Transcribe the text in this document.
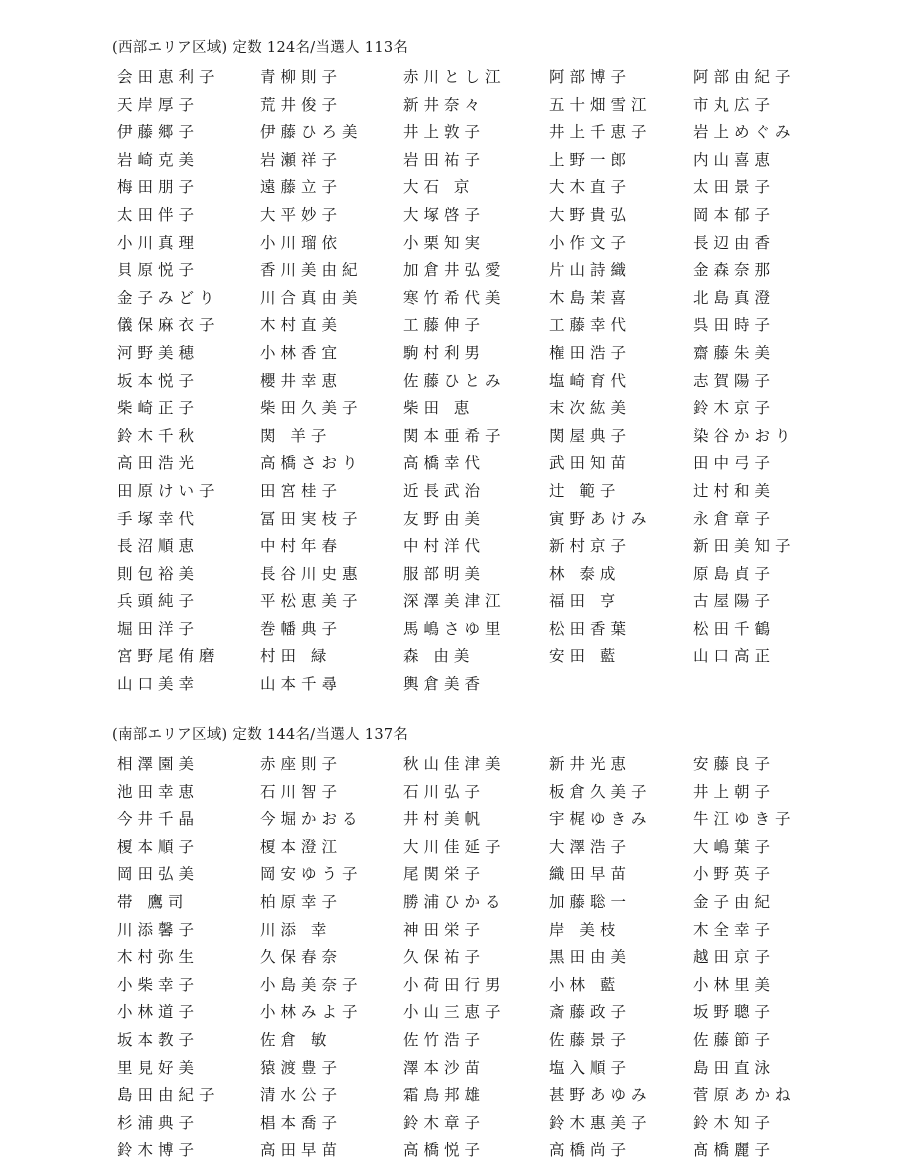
(西部エリア区域) 定数 124名/当選人 113名
会田恵利子	青柳則子	赤川とし江	阿部博子	阿部由紀子
天岸厚子	荒井俊子	新井奈々	五十畑雪江	市丸広子
伊藤郷子	伊藤ひろ美	井上敦子	井上千恵子	岩上めぐみ
岩崎克美	岩瀬祥子	岩田祐子	上野一郎	内山喜恵
梅田朋子	遠藤立子	大石 京	大木直子	太田景子
太田伴子	大平妙子	大塚啓子	大野貴弘	岡本郁子
小川真理	小川瑠依	小栗知実	小作文子	長辺由香
貝原悦子	香川美由紀	加倉井弘愛	片山詩織	金森奈那
金子みどり	川合真由美	寒竹希代美	木島茉喜	北島真澄
儀保麻衣子	木村直美	工藤伸子	工藤幸代	呉田時子
河野美穂	小林香宜	駒村利男	権田浩子	齋藤朱美
坂本悦子	櫻井幸恵	佐藤ひとみ	塩崎育代	志賀陽子
柴崎正子	柴田久美子	柴田 恵	末次紘美	鈴木京子
鈴木千秋	関 羊子	関本亜希子	関屋典子	染谷かおり
高田浩光	高橋さおり	高橋幸代	武田知苗	田中弓子
田原けい子	田宮桂子	近長武治	辻 範子	辻村和美
手塚幸代	冨田実枝子	友野由美	寅野あけみ	永倉章子
長沼順恵	中村年春	中村洋代	新村京子	新田美知子
則包裕美	長谷川史惠	服部明美	林 泰成	原島貞子
兵頭純子	平松恵美子	深澤美津江	福田 亨	古屋陽子
堀田洋子	巻幡典子	馬嶋さゆ里	松田香葉	松田千鶴
宮野尾侑磨	村田 緑	森 由美	安田 藍	山口高正
山口美幸	山本千尋	輿倉美香
(南部エリア区域) 定数 144名/当選人 137名
相澤園美	赤座則子	秋山佳津美	新井光恵	安藤良子
池田幸恵	石川智子	石川弘子	板倉久美子	井上朝子
今井千晶	今堀かおる	井村美帆	宇梶ゆきみ	牛江ゆき子
榎本順子	榎本澄江	大川佳延子	大澤浩子	大嶋葉子
岡田弘美	岡安ゆう子	尾関栄子	織田早苗	小野英子
帯 鷹司	柏原幸子	勝浦ひかる	加藤聡一	金子由紀
川添馨子	川添 幸	神田栄子	岸 美枝	木全幸子
木村弥生	久保春奈	久保祐子	黒田由美	越田京子
小柴幸子	小島美奈子	小荷田行男	小林 藍	小林里美
小林道子	小林みよ子	小山三恵子	斎藤政子	坂野聰子
坂本教子	佐倉 敏	佐竹浩子	佐藤景子	佐藤節子
里見好美	猿渡豊子	澤本沙苗	塩入順子	島田直泳
島田由紀子	清水公子	霜鳥邦雄	甚野あゆみ	菅原あかね
杉浦典子	椙本喬子	鈴木章子	鈴木惠美子	鈴木知子
鈴木博子	高田早苗	高橋悦子	高橋尚子	髙橋麗子
